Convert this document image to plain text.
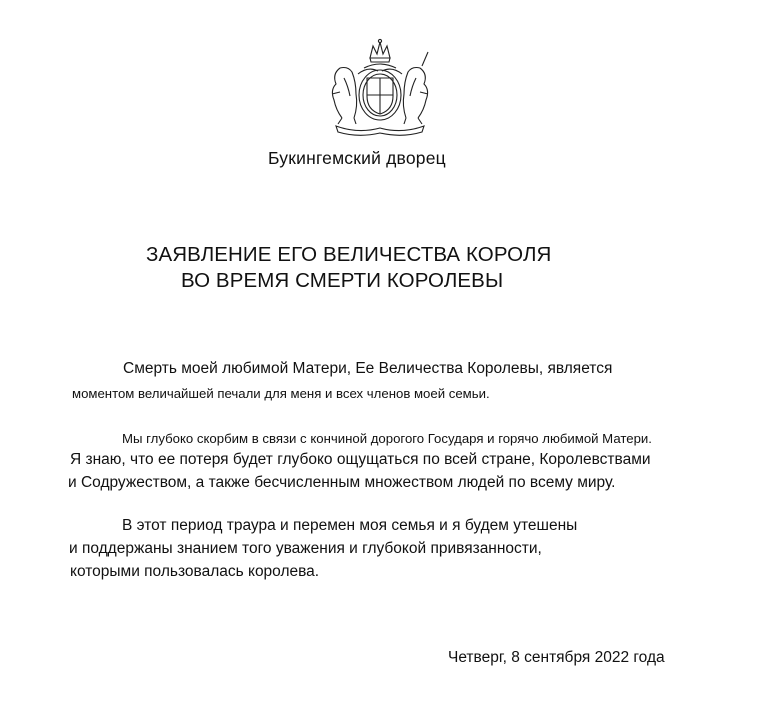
Букингемский дворец
ЗАЯВЛЕНИЕ ЕГО ВЕЛИЧЕСТВА КОРОЛЯ
ВО ВРЕМЯ СМЕРТИ КОРОЛЕВЫ
Смерть моей любимой Матери, Ее Величества Королевы, является
моментом величайшей печали для меня и всех членов моей семьи.
Мы глубоко скорбим в связи с кончиной дорогого Государя и горячо любимой Матери.
Я знаю, что ее потеря будет глубоко ощущаться по всей стране, Королевствами
и Содружеством, а также бесчисленным множеством людей по всему миру.
В этот период траура и перемен моя семья и я будем утешены
и поддержаны знанием того уважения и глубокой привязанности,
которыми пользовалась королева.
Четверг, 8 сентября 2022 года
